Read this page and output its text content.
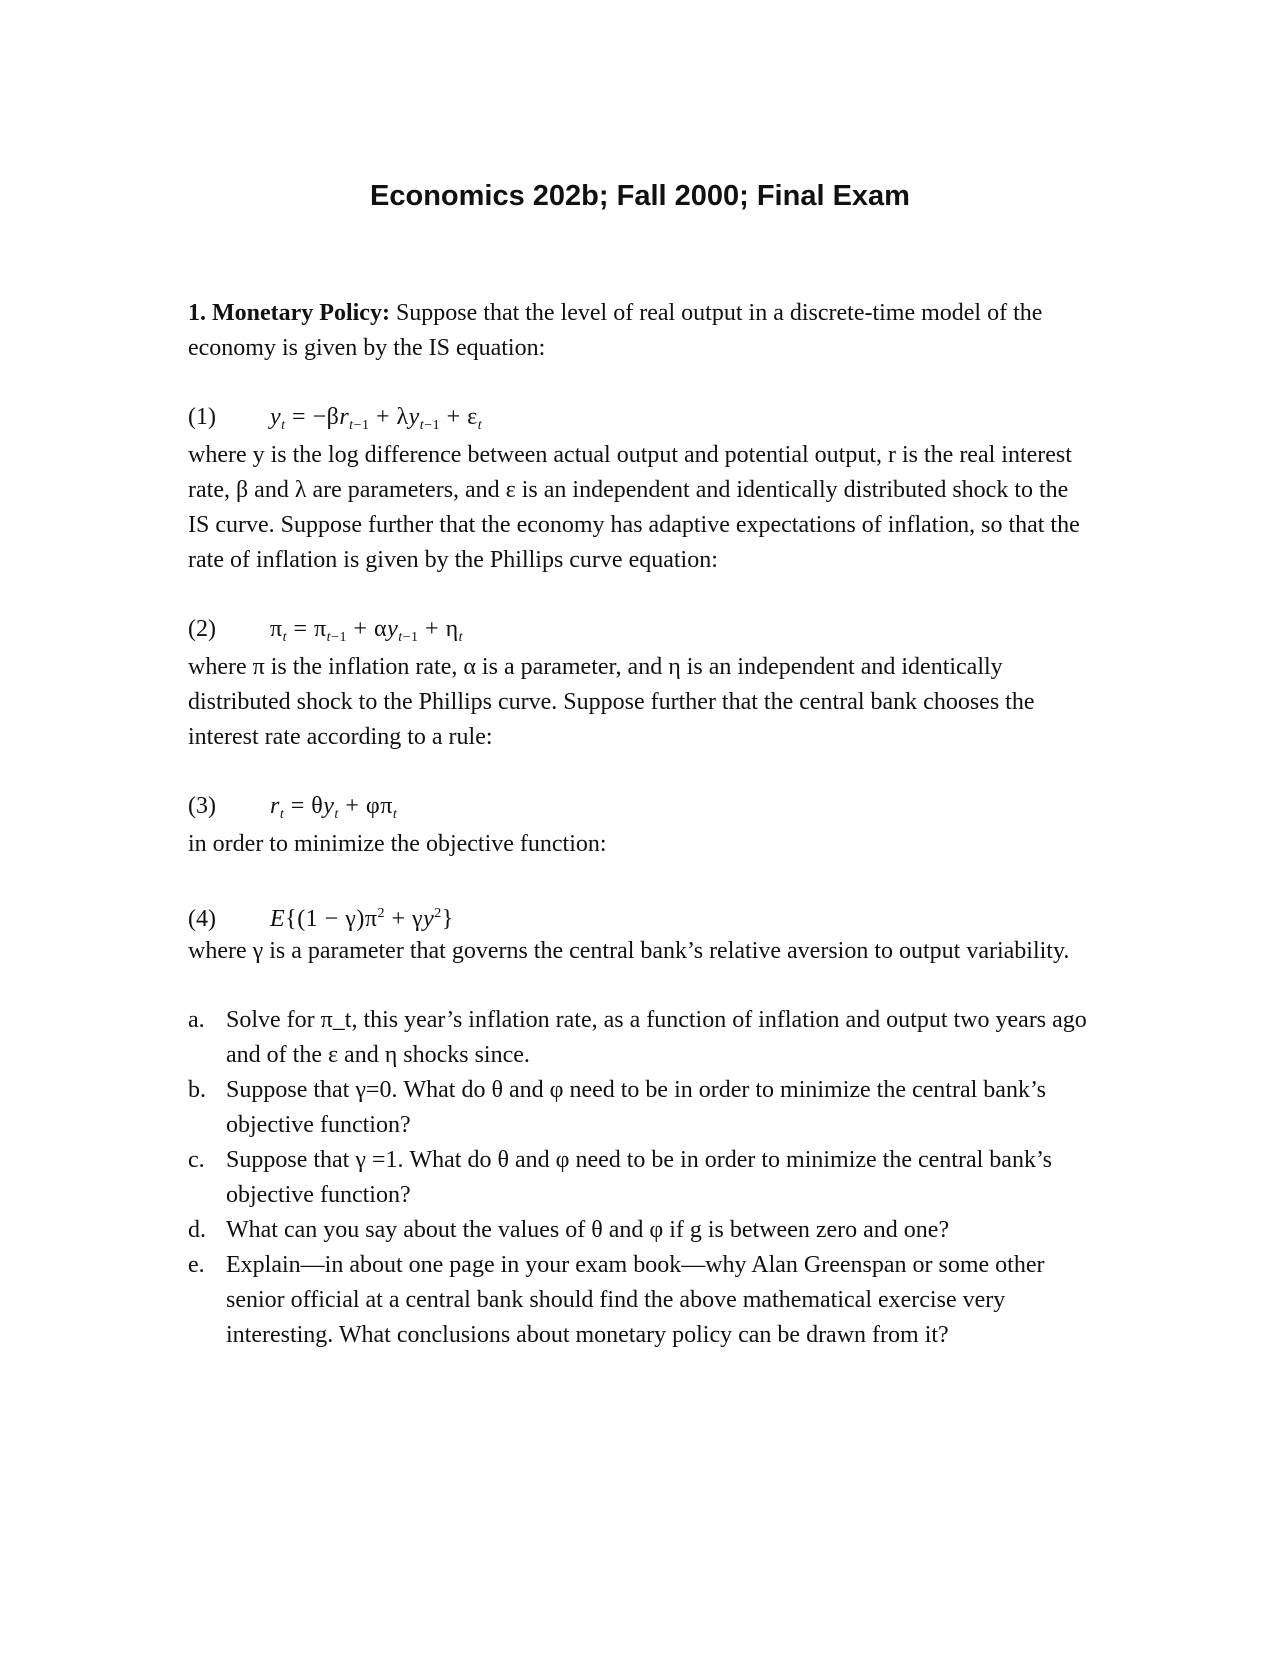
Economics 202b; Fall 2000; Final Exam

1. Monetary Policy: Suppose that the level of real output in a discrete-time model of the economy is given by the IS equation:

(1)	$y_t = -\beta r_{t-1} + \lambda y_{t-1} + \varepsilon_t$

where y is the log difference between actual output and potential output, r is the real interest rate, β and λ are parameters, and ε is an independent and identically distributed shock to the IS curve. Suppose further that the economy has adaptive expectations of inflation, so that the rate of inflation is given by the Phillips curve equation:

(2)	$\pi_t = \pi_{t-1} + \alpha y_{t-1} + \eta_t$

where π is the inflation rate, α is a parameter, and η is an independent and identically distributed shock to the Phillips curve. Suppose further that the central bank chooses the interest rate according to a rule:

(3)	$r_t = \theta y_t + \varphi\pi_t$

in order to minimize the objective function:

(4)	$E\{(1 - \gamma)\pi^2 + \gamma y^2\}$

where γ is a parameter that governs the central bank’s relative aversion to output variability.

a. Solve for π_t, this year’s inflation rate, as a function of inflation and output two years ago and of the ε and η shocks since.
b. Suppose that γ=0. What do θ and φ need to be in order to minimize the central bank’s objective function?
c. Suppose that γ =1. What do θ and φ need to be in order to minimize the central bank’s objective function?
d. What can you say about the values of θ and φ if g is between zero and one?
e. Explain—in about one page in your exam book—why Alan Greenspan or some other senior official at a central bank should find the above mathematical exercise very interesting. What conclusions about monetary policy can be drawn from it?
